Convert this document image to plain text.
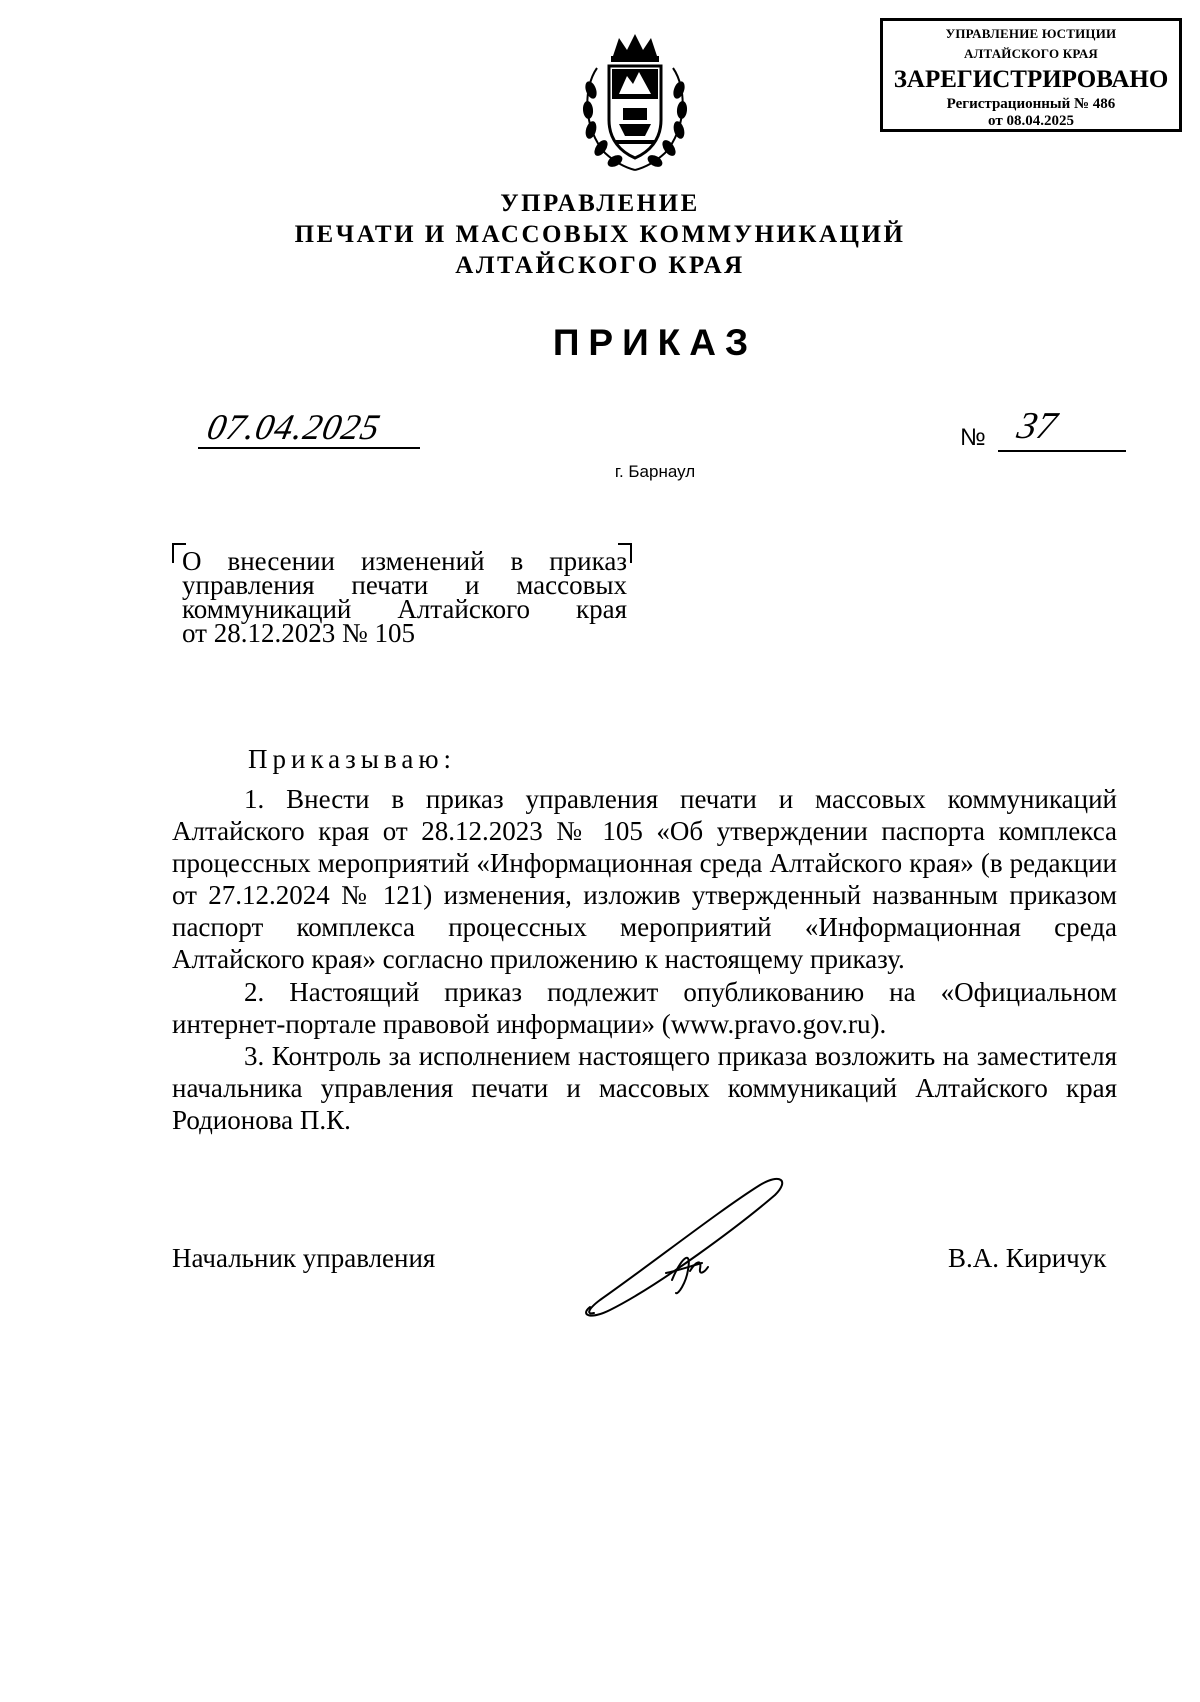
УПРАВЛЕНИЕ ЮСТИЦИИ
АЛТАЙСКОГО КРАЯ
ЗАРЕГИСТРИРОВАНО
Регистрационный № 486
от 08.04.2025
УПРАВЛЕНИЕ
ПЕЧАТИ И МАССОВЫХ КОММУНИКАЦИЙ
АЛТАЙСКОГО КРАЯ
ПРИКАЗ
07.04.2025	№ 37
г. Барнаул
О внесении изменений в приказ
управления печати и массовых
коммуникаций Алтайского края
от 28.12.2023 № 105
Приказываю:

1. Внести в приказ управления печати и массовых коммуникаций Алтайского края от 28.12.2023 № 105 «Об утверждении паспорта комплекса процессных мероприятий «Информационная среда Алтайского края» (в редакции от 27.12.2024 № 121) изменения, изложив утвержденный названным приказом паспорт комплекса процессных мероприятий «Информационная среда Алтайского края» согласно приложению к настоящему приказу.

2. Настоящий приказ подлежит опубликованию на «Официальном интернет-портале правовой информации» (www.pravo.gov.ru).

3. Контроль за исполнением настоящего приказа возложить на заместителя начальника управления печати и массовых коммуникаций Алтайского края Родионова П.К.

Начальник управления	В.А. Киричук
